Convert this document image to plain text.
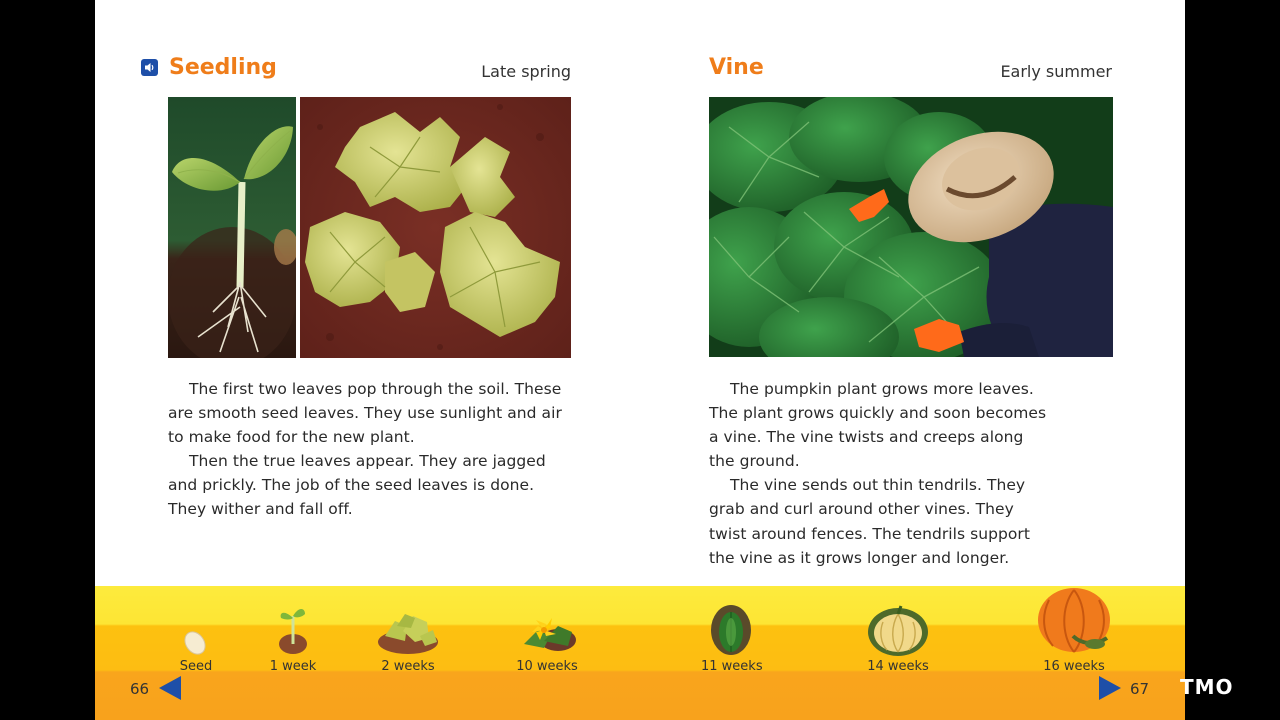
Seedling	Late spring

The first two leaves pop through the soil. These are smooth seed leaves. They use sunlight and air to make food for the new plant.

Then the true leaves appear. They are jagged and prickly. The job of the seed leaves is done. They wither and fall off.

Vine	Early summer

The pumpkin plant grows more leaves. The plant grows quickly and soon becomes a vine. The vine twists and creeps along the ground.

The vine sends out thin tendrils. They grab and curl around other vines. They twist around fences. The tendrils support the vine as it grows longer and longer.

Seed	1 week	2 weeks	10 weeks	11 weeks	14 weeks	16 weeks
66	67 TMO
